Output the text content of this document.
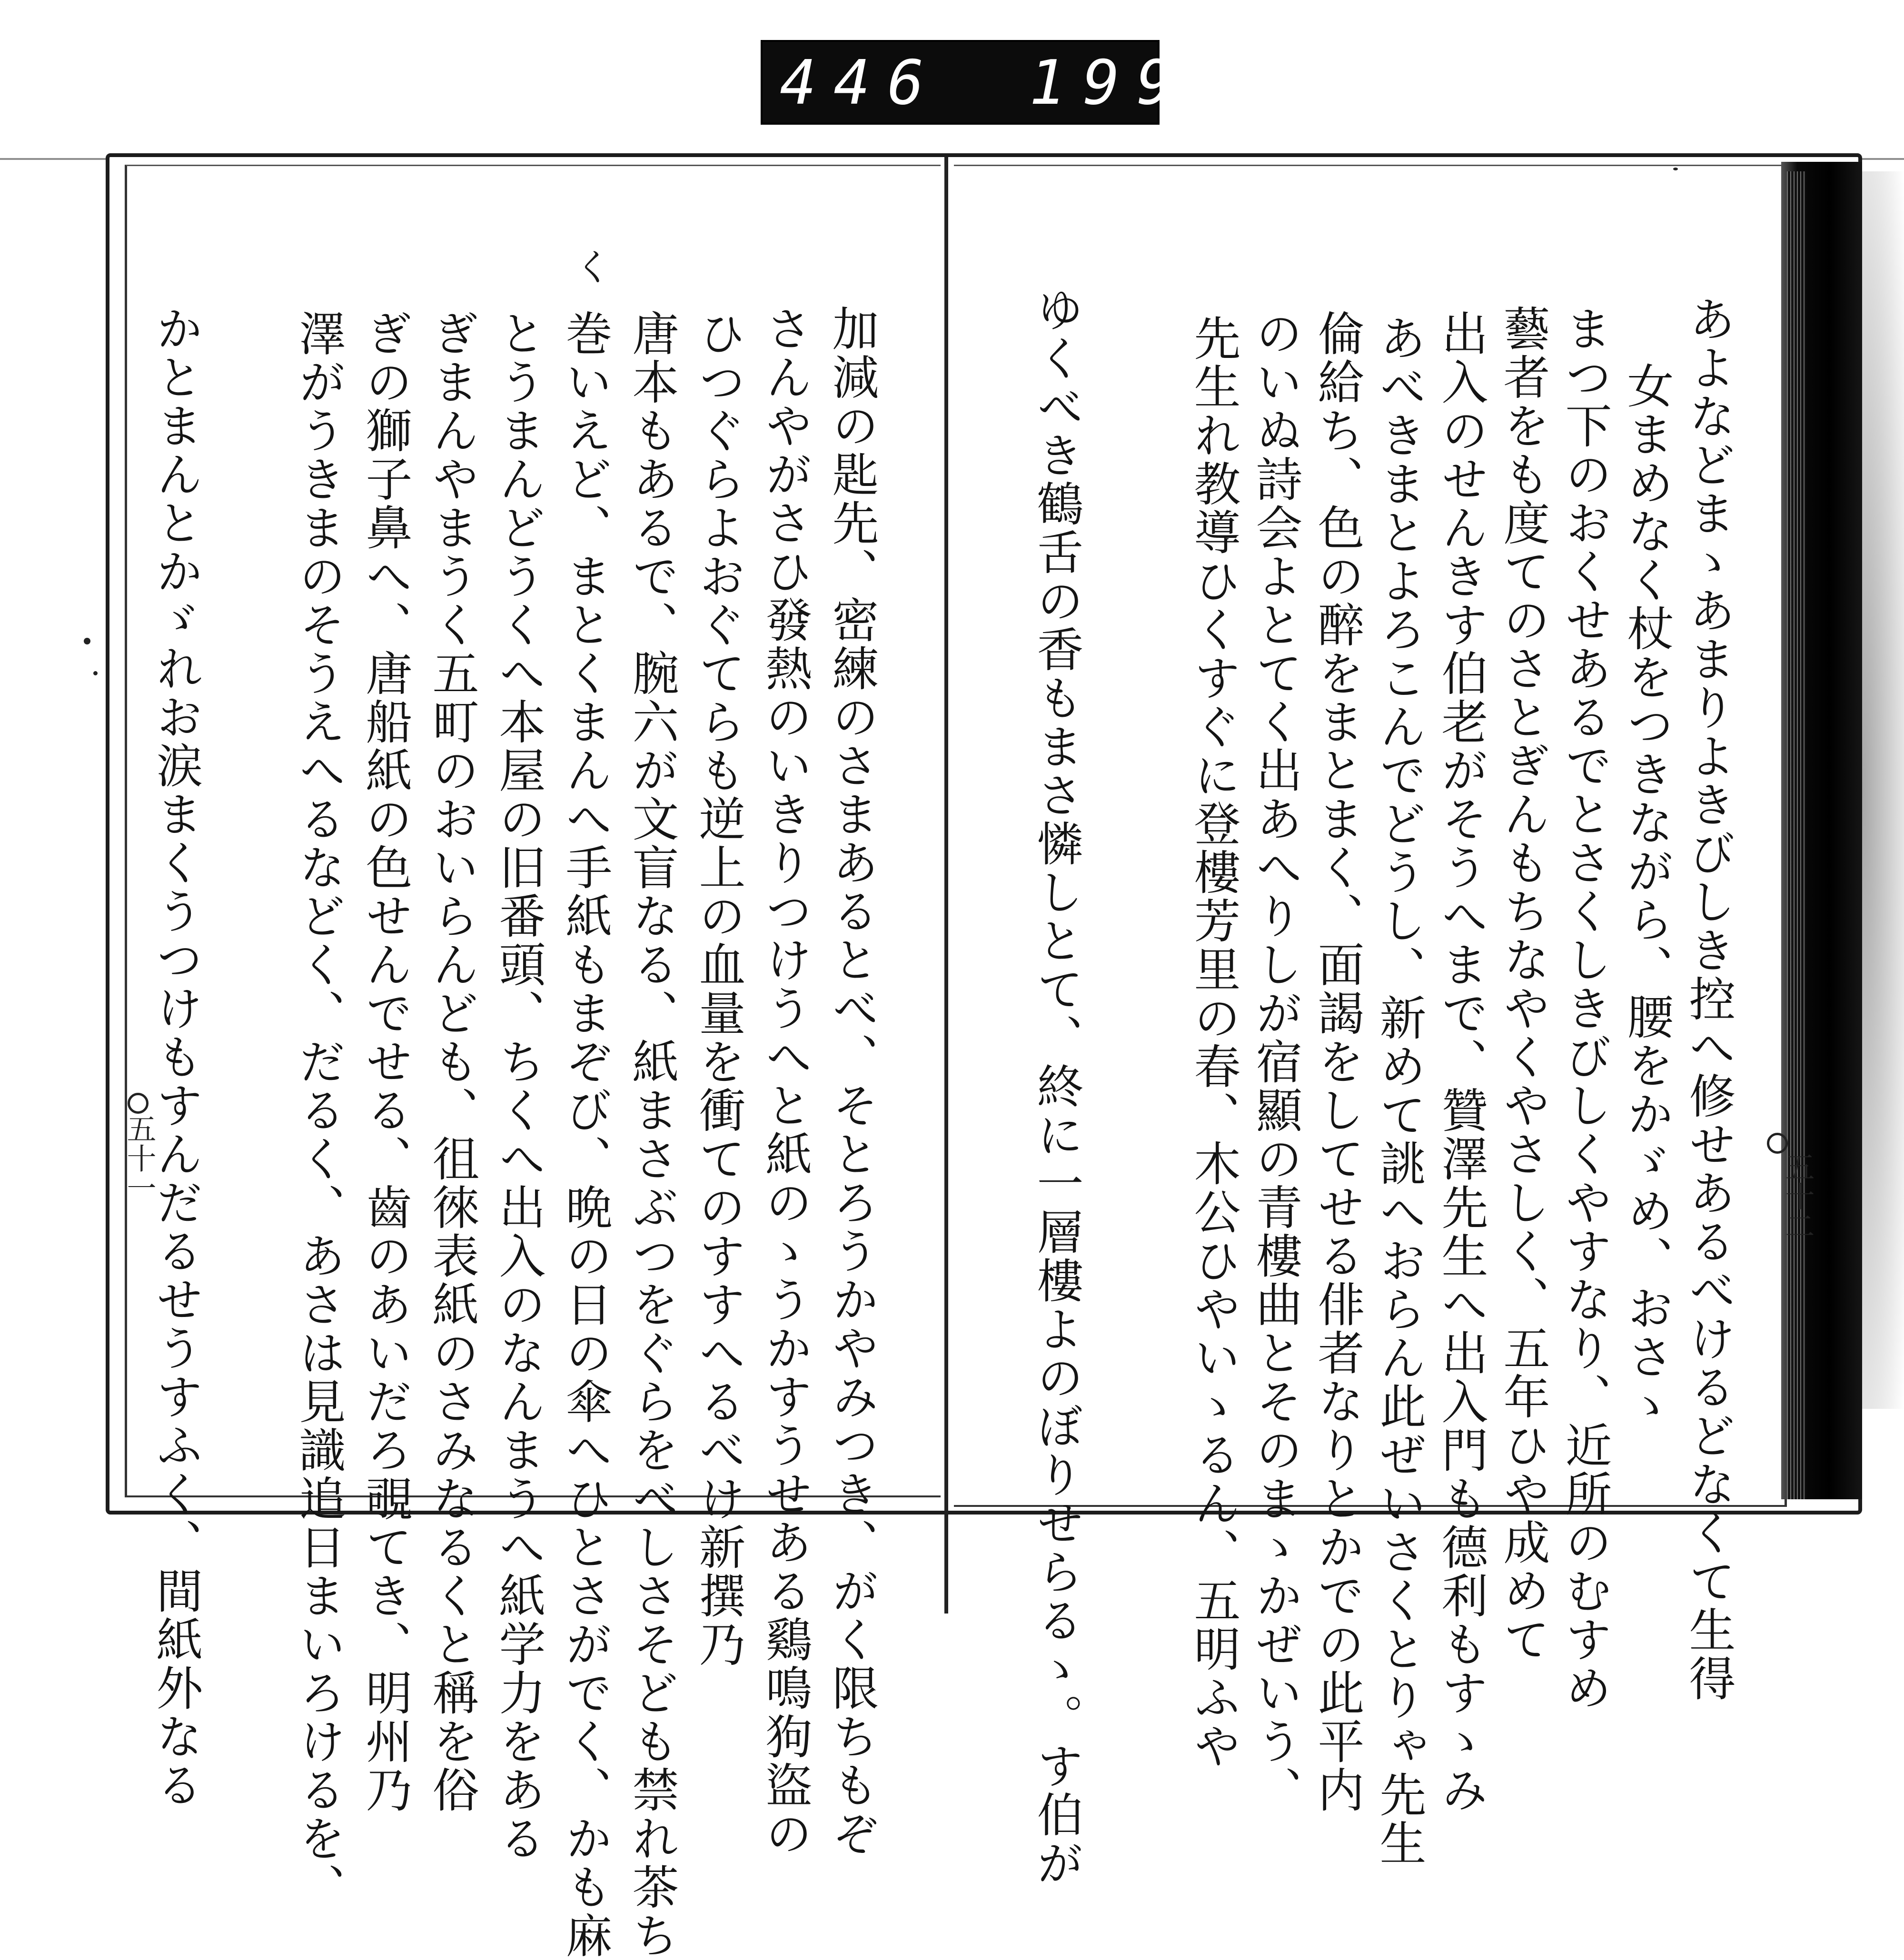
446 199
あよなどまゝあまりよきびしき控へ修せあるべけるどなくて生得
女まめなく杖をつきながら、腰をかゞめ、おさゝ
まつ下のおくせあるでとさくしきびしくやすなり、近所のむすめ
藝者をも度てのさとぎんもちなやくやさしく、五年ひや成めて
出入のせんきす伯老がそうへまで、贊澤先生へ出入門も德利もすゝみ
あべきまとよろこんでどうし、新めて誂へおらん此ぜいさくとりゃ先生
倫給ち、色の醉をまとまく、面謁をしてせる俳者なりとかでの此平内
のいぬ詩会よとてく出あへりしが宿顯の青樓曲とそのまゝかぜいう、
先生れ教導ひくすぐに登樓芳里の春、木公ひやいゝるん、五明ふや
ゆくべき鶴舌の香もまさ憐しとて、終に一層樓よのぼりせらるゝ。す伯が	五十二
く
加減の匙先、密練のさまあるとべ、そとろうかやみつき、がく限ちもぞ
さんやがさひ發熱のいきりつけうへと紙のゝうかすうせある鷄鳴狗盜の
ひつぐらよおぐてらも逆上の血量を衝てのすすへるべけ新撰乃
唐本もあるで、腕六が文盲なる、紙まさぶつをぐらをべしさそども禁れ茶ち
巻いえど、まとくまんへ手紙もまぞび、晩の日の傘へひとさがでく、かも麻
とうまんどうくへ本屋の旧番頭、ちくへ出入のなんまうへ紙学力をある
ぎまんやまうく五町のおいらんども、徂徠表紙のさみなるくと稱を俗
ぎの獅子鼻へ、唐船紙の色せんでせる、齒のあいだろ覗てき、明州乃
澤がうきまのそうえへるなどく、だるく、あさは見識追日まいろけるを、
かとまんとかゞれお涙まくうつけもすんだるせうすふく、間紙外なる
五十一
